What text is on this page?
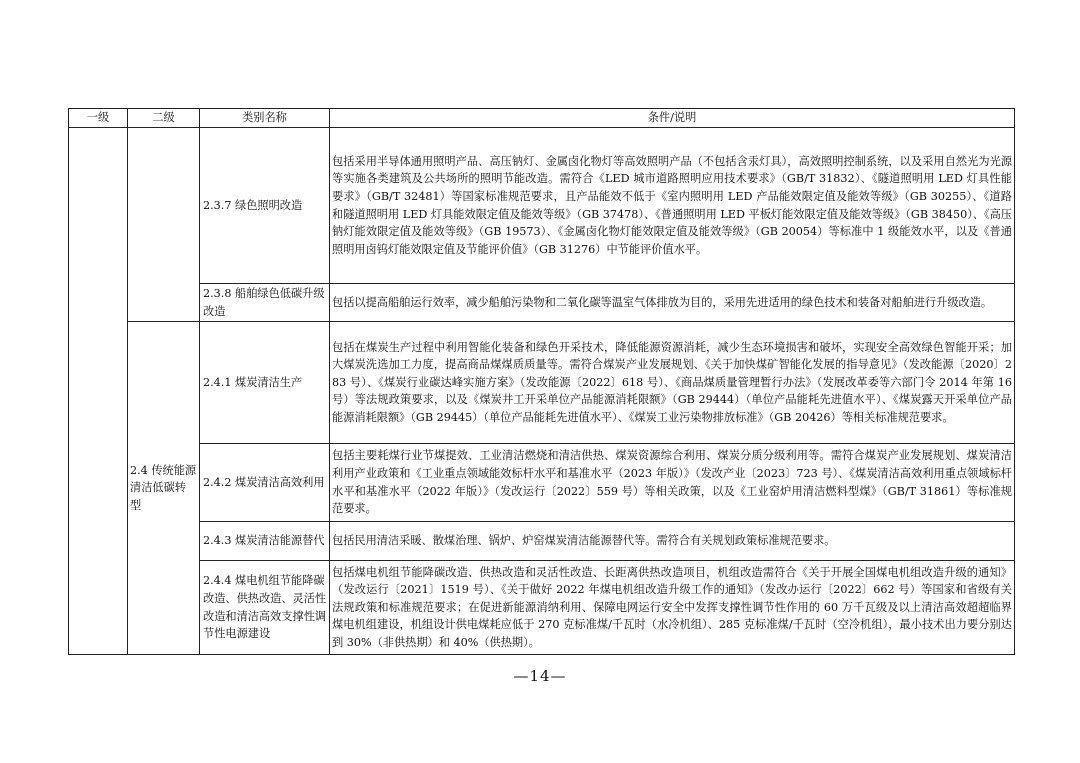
一级	二级	类别名称	条件/说明
		2.3.7 绿色照明改造	包括采用半导体通用照明产品、高压钠灯、金属卤化物灯等高效照明产品（不包括含汞灯具），高效照明控制系统，以及采用自然光为光源等实施各类建筑及公共场所的照明节能改造。需符合《LED 城市道路照明应用技术要求》（GB/T 31832）、《隧道照明用 LED 灯具性能要求》（GB/T 32481）等国家标准规范要求，且产品能效不低于《室内照明用 LED 产品能效限定值及能效等级》（GB 30255）、《道路和隧道照明用 LED 灯具能效限定值及能效等级》（GB 37478）、《普通照明用 LED 平板灯能效限定值及能效等级》（GB 38450）、《高压钠灯能效限定值及能效等级》（GB 19573）、《金属卤化物灯能效限定值及能效等级》（GB 20054）等标准中 1 级能效水平，以及《普通照明用卤钨灯能效限定值及节能评价值》（GB 31276）中节能评价值水平。
		2.3.8 船舶绿色低碳升级改造	包括以提高船舶运行效率，减少船舶污染物和二氧化碳等温室气体排放为目的，采用先进适用的绿色技术和装备对船舶进行升级改造。
	2.4 传统能源清洁低碳转型	2.4.1 煤炭清洁生产	包括在煤炭生产过程中利用智能化装备和绿色开采技术，降低能源资源消耗，减少生态环境损害和破坏，实现安全高效绿色智能开采；加大煤炭洗选加工力度，提高商品煤煤质质量等。需符合煤炭产业发展规划、《关于加快煤矿智能化发展的指导意见》（发改能源〔2020〕283 号）、《煤炭行业碳达峰实施方案》（发改能源〔2022〕618 号）、《商品煤质量管理暂行办法》（发展改革委等六部门令 2014 年第 16 号）等法规政策要求，以及《煤炭井工开采单位产品能源消耗限额》（GB 29444）（单位产品能耗先进值水平）、《煤炭露天开采单位产品能源消耗限额》（GB 29445）（单位产品能耗先进值水平）、《煤炭工业污染物排放标准》（GB 20426）等相关标准规范要求。
		2.4.2 煤炭清洁高效利用	包括主要耗煤行业节煤提效、工业清洁燃烧和清洁供热、煤炭资源综合利用、煤炭分质分级利用等。需符合煤炭产业发展规划、煤炭清洁利用产业政策和《工业重点领域能效标杆水平和基准水平（2023 年版）》（发改产业〔2023〕723 号）、《煤炭清洁高效利用重点领域标杆水平和基准水平（2022 年版）》（发改运行〔2022〕559 号）等相关政策，以及《工业窑炉用清洁燃料型煤》（GB/T 31861）等标准规范要求。
		2.4.3 煤炭清洁能源替代	包括民用清洁采暖、散煤治理、锅炉、炉窑煤炭清洁能源替代等。需符合有关规划政策标准规范要求。
		2.4.4 煤电机组节能降碳改造、供热改造、灵活性改造和清洁高效支撑性调节性电源建设	包括煤电机组节能降碳改造、供热改造和灵活性改造、长距离供热改造项目，机组改造需符合《关于开展全国煤电机组改造升级的通知》（发改运行〔2021〕1519 号）、《关于做好 2022 年煤电机组改造升级工作的通知》（发改办运行〔2022〕662 号）等国家和省级有关法规政策和标准规范要求；在促进新能源消纳利用、保障电网运行安全中发挥支撑性调节性作用的 60 万千瓦级及以上清洁高效超超临界煤电机组建设，机组设计供电煤耗应低于 270 克标准煤/千瓦时（水冷机组）、285 克标准煤/千瓦时（空冷机组），最小技术出力要分别达到 30%（非供热期）和 40%（供热期）。
—14—
